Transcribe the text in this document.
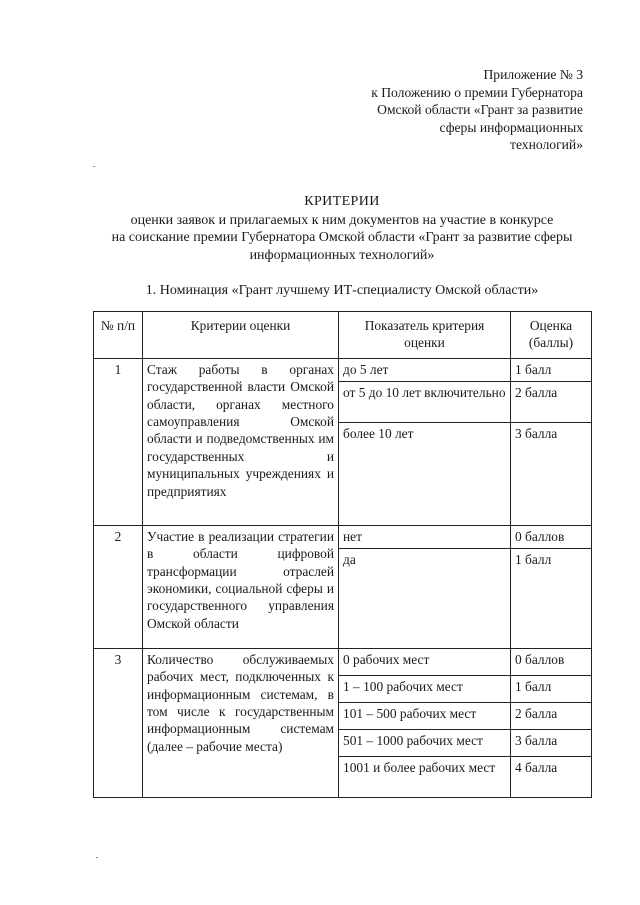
Приложение № 3
к Положению о премии Губернатора
Омской области «Грант за развитие
сферы информационных
технологий»
КРИТЕРИИ
оценки заявок и прилагаемых к ним документов на участие в конкурсе
на соискание премии Губернатора Омской области «Грант за развитие сферы
информационных технологий»
1. Номинация «Грант лучшему ИТ-специалисту Омской области»
№ п/п	Критерии оценки	Показатель критерия оценки	Оценка (баллы)
1	Стаж работы в органах государственной власти Омской области, органах местного самоуправления Омской области и подведомственных им государственных и муниципальных учреждениях и предприятиях	до 5 лет	1 балл
		от 5 до 10 лет включительно	2 балла
		более 10 лет	3 балла
2	Участие в реализации стратегии в области цифровой трансформации отраслей экономики, социальной сферы и государственного управления Омской области	нет	0 баллов
		да	1 балл
3	Количество обслуживаемых рабочих мест, подключенных к информационным системам, в том числе к государственным информационным системам (далее – рабочие места)	0 рабочих мест	0 баллов
		1 – 100 рабочих мест	1 балл
		101 – 500 рабочих мест	2 балла
		501 – 1000 рабочих мест	3 балла
		1001 и более рабочих мест	4 балла
